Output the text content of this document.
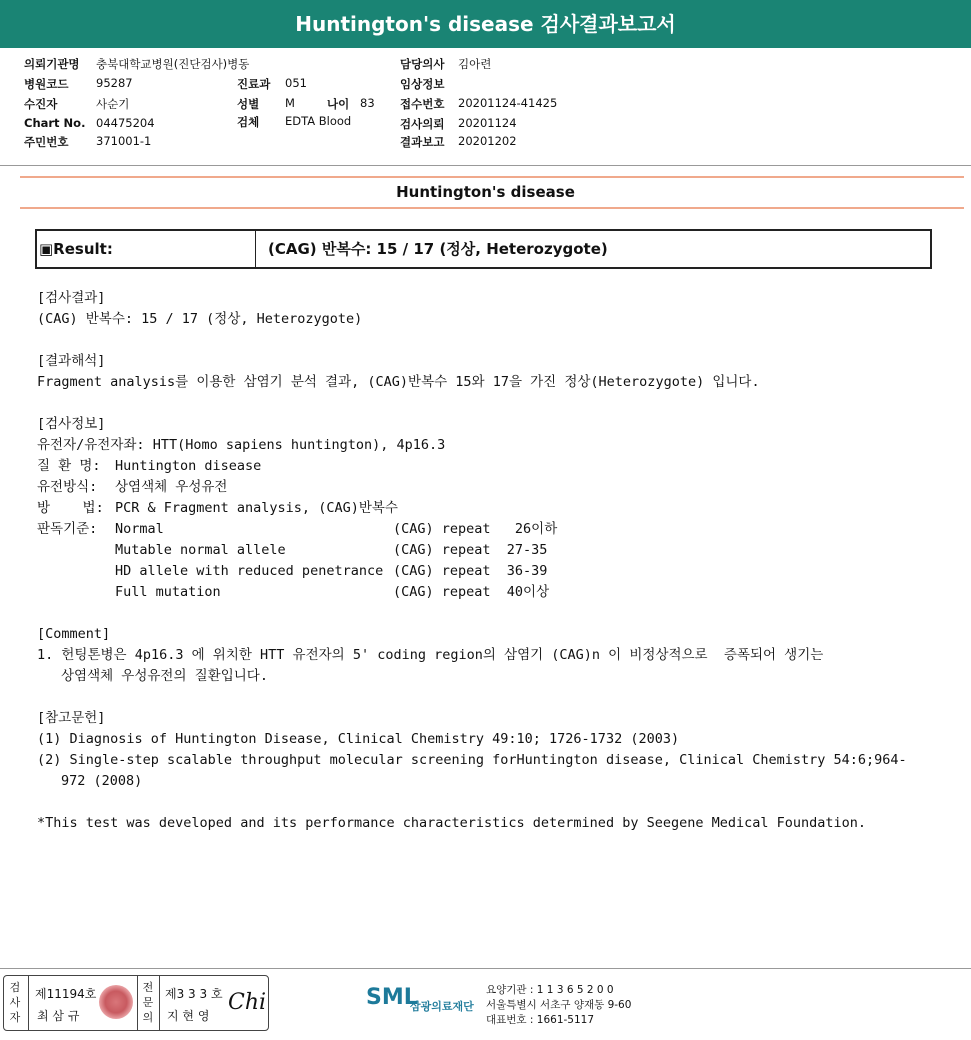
Huntington's disease 검사결과보고서
의뢰기관명 충북대학교병원(진단검사)병동
병원코드 95287
수진자	사순기
Chart No. 04475204
주민번호 371001-1
진료과 051
성별 M	나이 83
검체 EDTA Blood
담당의사 김아련
임상정보
접수번호 20201124-41425
검사의뢰 20201124
결과보고 20201202
Huntington's disease
▣Result:	(CAG) 반복수: 15 / 17 (정상, Heterozygote)
[검사결과]
(CAG) 반복수: 15 / 17 (정상, Heterozygote)
[결과해석]
Fragment analysis를 이용한 삼염기 분석 결과, (CAG)반복수 15와 17을 가진 정상(Heterozygote) 입니다.
[검사정보]
유전자/유전자좌: HTT(Homo sapiens huntington), 4p16.3
질 환 명: Huntington disease
유전방식: 상염색체 우성유전
방    법: PCR & Fragment analysis, (CAG)반복수
판독기준: Normal	(CAG) repeat   26이하
Mutable normal allele	(CAG) repeat  27-35
HD allele with reduced penetrance (CAG) repeat  36-39
Full mutation	(CAG) repeat  40이상
[Comment]
1. 헌팅톤병은 4p16.3 에 위치한 HTT 유전자의 5' coding region의 삼염기 (CAG)n 이 비정상적으로  증폭되어 생기는
상염색체 우성유전의 질환입니다.
[참고문헌]
(1) Diagnosis of Huntington Disease, Clinical Chemistry 49:10; 1726-1732 (2003)
(2) Single-step scalable throughput molecular screening forHuntington disease, Clinical Chemistry 54:6;964-
972 (2008)
*This test was developed and its performance characteristics determined by Seegene Medical Foundation.
검
사
자
제11194호
최 삼 규
전
문
의
제3 3 3 호
지 현 영
Chi	SML
삼광의료재단
요양기관 : 1 1 3 6 5 2 0 0
서울특별시 서초구 양재동 9-60
대표번호 : 1661-5117
